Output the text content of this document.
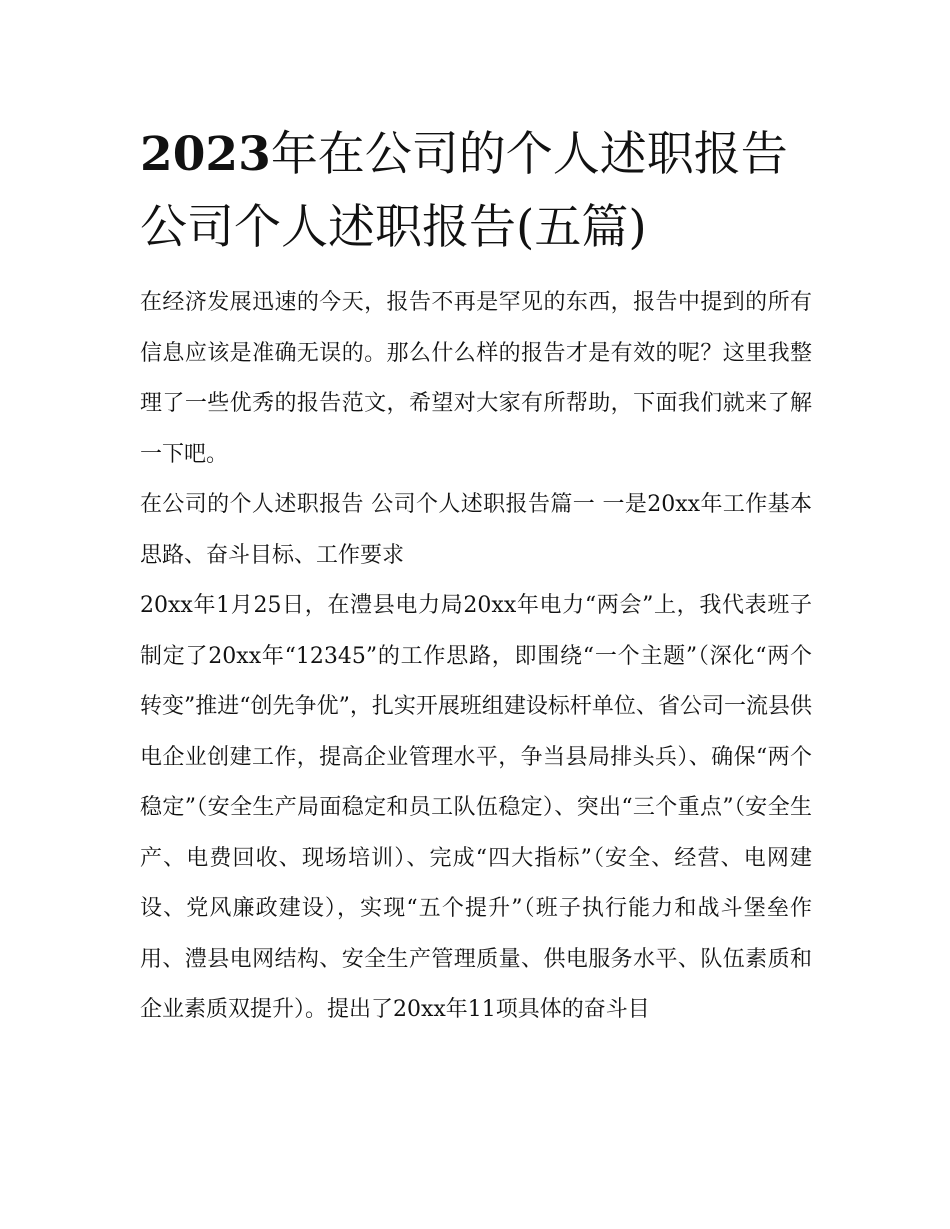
2023年在公司的个人述职报告
公司个人述职报告(五篇)

在经济发展迅速的今天，报告不再是罕见的东西，报告中提到的所有信息应该是准确无误的。那么什么样的报告才是有效的呢？这里我整理了一些优秀的报告范文，希望对大家有所帮助，下面我们就来了解一下吧。

在公司的个人述职报告 公司个人述职报告篇一 一是20xx年工作基本思路、奋斗目标、工作要求

20xx年1月25日，在澧县电力局20xx年电力“两会”上，我代表班子制定了20xx年“12345”的工作思路，即围绕“一个主题”（深化“两个转变”推进“创先争优”，扎实开展班组建设标杆单位、省公司一流县供电企业创建工作，提高企业管理水平，争当县局排头兵）、确保“两个稳定”（安全生产局面稳定和员工队伍稳定）、突出“三个重点”（安全生产、电费回收、现场培训）、完成“四大指标”（安全、经营、电网建设、党风廉政建设），实现“五个提升”（班子执行能力和战斗堡垒作用、澧县电网结构、安全生产管理质量、供电服务水平、队伍素质和企业素质双提升）。提出了20xx年11项具体的奋斗目
